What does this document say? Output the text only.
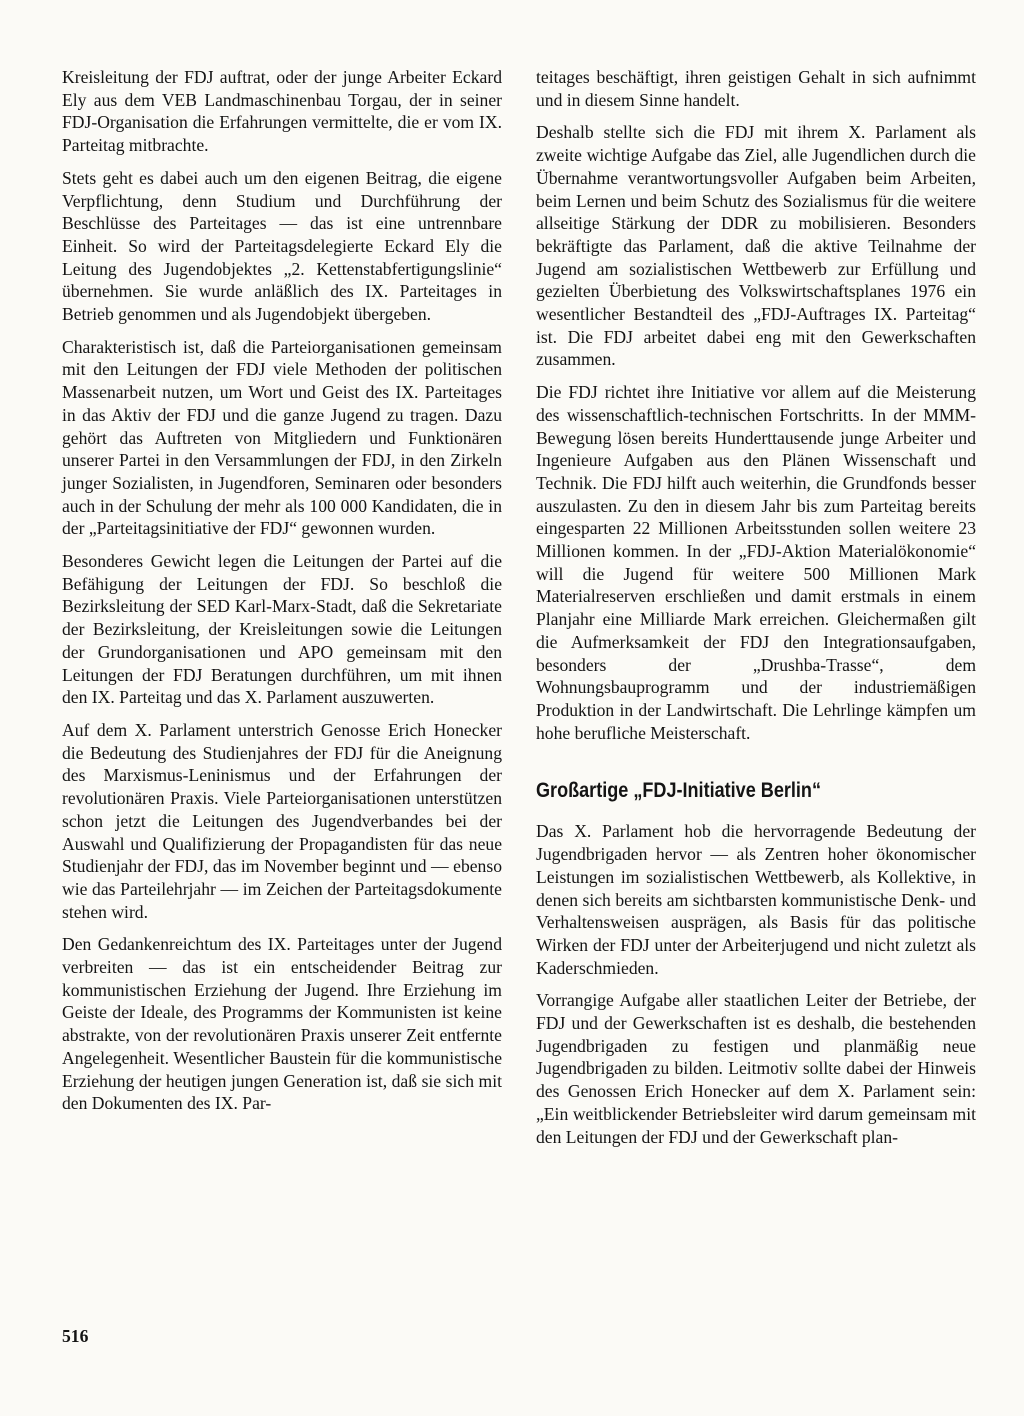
Kreisleitung der FDJ auftrat, oder der junge Arbeiter Eckard Ely aus dem VEB Landmaschinenbau Torgau, der in seiner FDJ-Organisation die Erfahrungen vermittelte, die er vom IX. Parteitag mitbrachte.

Stets geht es dabei auch um den eigenen Beitrag, die eigene Verpflichtung, denn Studium und Durchführung der Beschlüsse des Parteitages — das ist eine untrennbare Einheit. So wird der Parteitagsdelegierte Eckard Ely die Leitung des Jugendobjektes „2. Kettenstabfertigungslinie“ übernehmen. Sie wurde anläßlich des IX. Parteitages in Betrieb genommen und als Jugendobjekt übergeben.

Charakteristisch ist, daß die Parteiorganisationen gemeinsam mit den Leitungen der FDJ viele Methoden der politischen Massenarbeit nutzen, um Wort und Geist des IX. Parteitages in das Aktiv der FDJ und die ganze Jugend zu tragen. Dazu gehört das Auftreten von Mitgliedern und Funktionären unserer Partei in den Versammlungen der FDJ, in den Zirkeln junger Sozialisten, in Jugendforen, Seminaren oder besonders auch in der Schulung der mehr als 100 000 Kandidaten, die in der „Parteitagsinitiative der FDJ“ gewonnen wurden.

Besonderes Gewicht legen die Leitungen der Partei auf die Befähigung der Leitungen der FDJ. So beschloß die Bezirksleitung der SED Karl-Marx-Stadt, daß die Sekretariate der Bezirksleitung, der Kreisleitungen sowie die Leitungen der Grundorganisationen und APO gemeinsam mit den Leitungen der FDJ Beratungen durchführen, um mit ihnen den IX. Parteitag und das X. Parlament auszuwerten.

Auf dem X. Parlament unterstrich Genosse Erich Honecker die Bedeutung des Studienjahres der FDJ für die Aneignung des Marxismus-Leninismus und der Erfahrungen der revolutionären Praxis. Viele Parteiorganisationen unterstützen schon jetzt die Leitungen des Jugendverbandes bei der Auswahl und Qualifizierung der Propagandisten für das neue Studienjahr der FDJ, das im November beginnt und — ebenso wie das Parteilehrjahr — im Zeichen der Parteitagsdokumente stehen wird.

Den Gedankenreichtum des IX. Parteitages unter der Jugend verbreiten — das ist ein entscheidender Beitrag zur kommunistischen Erziehung der Jugend. Ihre Erziehung im Geiste der Ideale, des Programms der Kommunisten ist keine abstrakte, von der revolutionären Praxis unserer Zeit entfernte Angelegenheit. Wesentlicher Baustein für die kommunistische Erziehung der heutigen jungen Generation ist, daß sie sich mit den Dokumenten des IX. Par-

teitages beschäftigt, ihren geistigen Gehalt in sich aufnimmt und in diesem Sinne handelt.

Deshalb stellte sich die FDJ mit ihrem X. Parlament als zweite wichtige Aufgabe das Ziel, alle Jugendlichen durch die Übernahme verantwortungsvoller Aufgaben beim Arbeiten, beim Lernen und beim Schutz des Sozialismus für die weitere allseitige Stärkung der DDR zu mobilisieren. Besonders bekräftigte das Parlament, daß die aktive Teilnahme der Jugend am sozialistischen Wettbewerb zur Erfüllung und gezielten Überbietung des Volkswirtschaftsplanes 1976 ein wesentlicher Bestandteil des „FDJ-Auftrages IX. Parteitag“ ist. Die FDJ arbeitet dabei eng mit den Gewerkschaften zusammen.

Die FDJ richtet ihre Initiative vor allem auf die Meisterung des wissenschaftlich-technischen Fortschritts. In der MMM-Bewegung lösen bereits Hunderttausende junge Arbeiter und Ingenieure Aufgaben aus den Plänen Wissenschaft und Technik. Die FDJ hilft auch weiterhin, die Grundfonds besser auszulasten. Zu den in diesem Jahr bis zum Parteitag bereits eingesparten 22 Millionen Arbeitsstunden sollen weitere 23 Millionen kommen. In der „FDJ-Aktion Materialökonomie“ will die Jugend für weitere 500 Millionen Mark Materialreserven erschließen und damit erstmals in einem Planjahr eine Milliarde Mark erreichen. Gleichermaßen gilt die Aufmerksamkeit der FDJ den Integrationsaufgaben, besonders der „Drushba-Trasse“, dem Wohnungsbauprogramm und der industriemäßigen Produktion in der Landwirtschaft. Die Lehrlinge kämpfen um hohe berufliche Meisterschaft.

Großartige „FDJ-Initiative Berlin“

Das X. Parlament hob die hervorragende Bedeutung der Jugendbrigaden hervor — als Zentren hoher ökonomischer Leistungen im sozialistischen Wettbewerb, als Kollektive, in denen sich bereits am sichtbarsten kommunistische Denk- und Verhaltensweisen ausprägen, als Basis für das politische Wirken der FDJ unter der Arbeiterjugend und nicht zuletzt als Kaderschmieden.

Vorrangige Aufgabe aller staatlichen Leiter der Betriebe, der FDJ und der Gewerkschaften ist es deshalb, die bestehenden Jugendbrigaden zu festigen und planmäßig neue Jugendbrigaden zu bilden. Leitmotiv sollte dabei der Hinweis des Genossen Erich Honecker auf dem X. Parlament sein: „Ein weitblickender Betriebsleiter wird darum gemeinsam mit den Leitungen der FDJ und der Gewerkschaft plan-

516
